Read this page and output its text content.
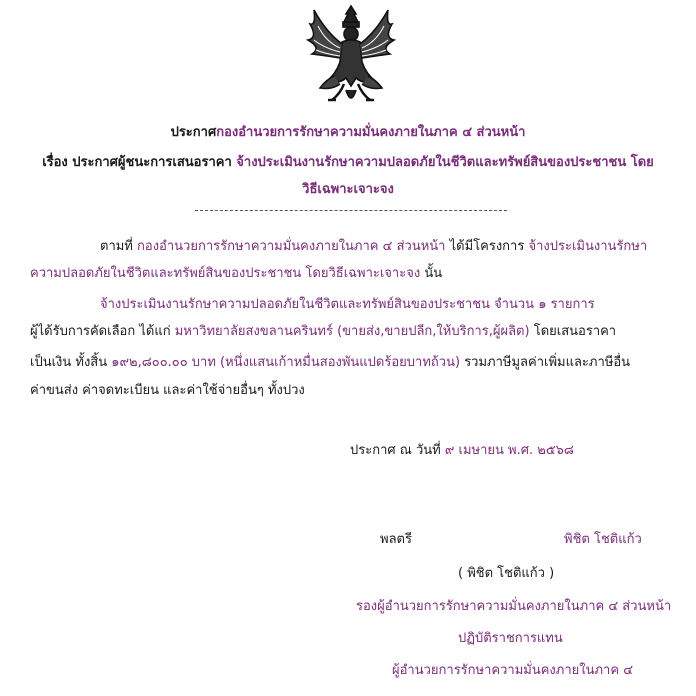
ประกาศกองอำนวยการรักษาความมั่นคงภายในภาค ๔ ส่วนหน้า
เรื่อง ประกาศผู้ชนะการเสนอราคา จ้างประเมินงานรักษาความปลอดภัยในชีวิตและทรัพย์สินของประชาชน โดย
วิธีเฉพาะเจาะจง
ตามที่ กองอำนวยการรักษาความมั่นคงภายในภาค ๔ ส่วนหน้า ได้มีโครงการ จ้างประเมินงานรักษา
ความปลอดภัยในชีวิตและทรัพย์สินของประชาชน โดยวิธีเฉพาะเจาะจง นั้น
จ้างประเมินงานรักษาความปลอดภัยในชีวิตและทรัพย์สินของประชาชน จำนวน ๑ รายการ
ผู้ได้รับการคัดเลือก ได้แก่ มหาวิทยาลัยสงขลานครินทร์ (ขายส่ง,ขายปลีก,ให้บริการ,ผู้ผลิต) โดยเสนอราคา
เป็นเงิน ทั้งสิ้น ๑๙๒,๘๐๐.๐๐ บาท (หนึ่งแสนเก้าหมื่นสองพันแปดร้อยบาทถ้วน) รวมภาษีมูลค่าเพิ่มและภาษีอื่น
ค่าขนส่ง ค่าจดทะเบียน และค่าใช้จ่ายอื่นๆ ทั้งปวง
ประกาศ ณ วันที่ ๙ เมษายน พ.ศ. ๒๕๖๘
พลตรี	พิชิต โชติแก้ว
( พิชิต โชติแก้ว )
รองผู้อำนวยการรักษาความมั่นคงภายในภาค ๔ ส่วนหน้า
ปฏิบัติราชการแทน
ผู้อำนวยการรักษาความมั่นคงภายในภาค ๔
